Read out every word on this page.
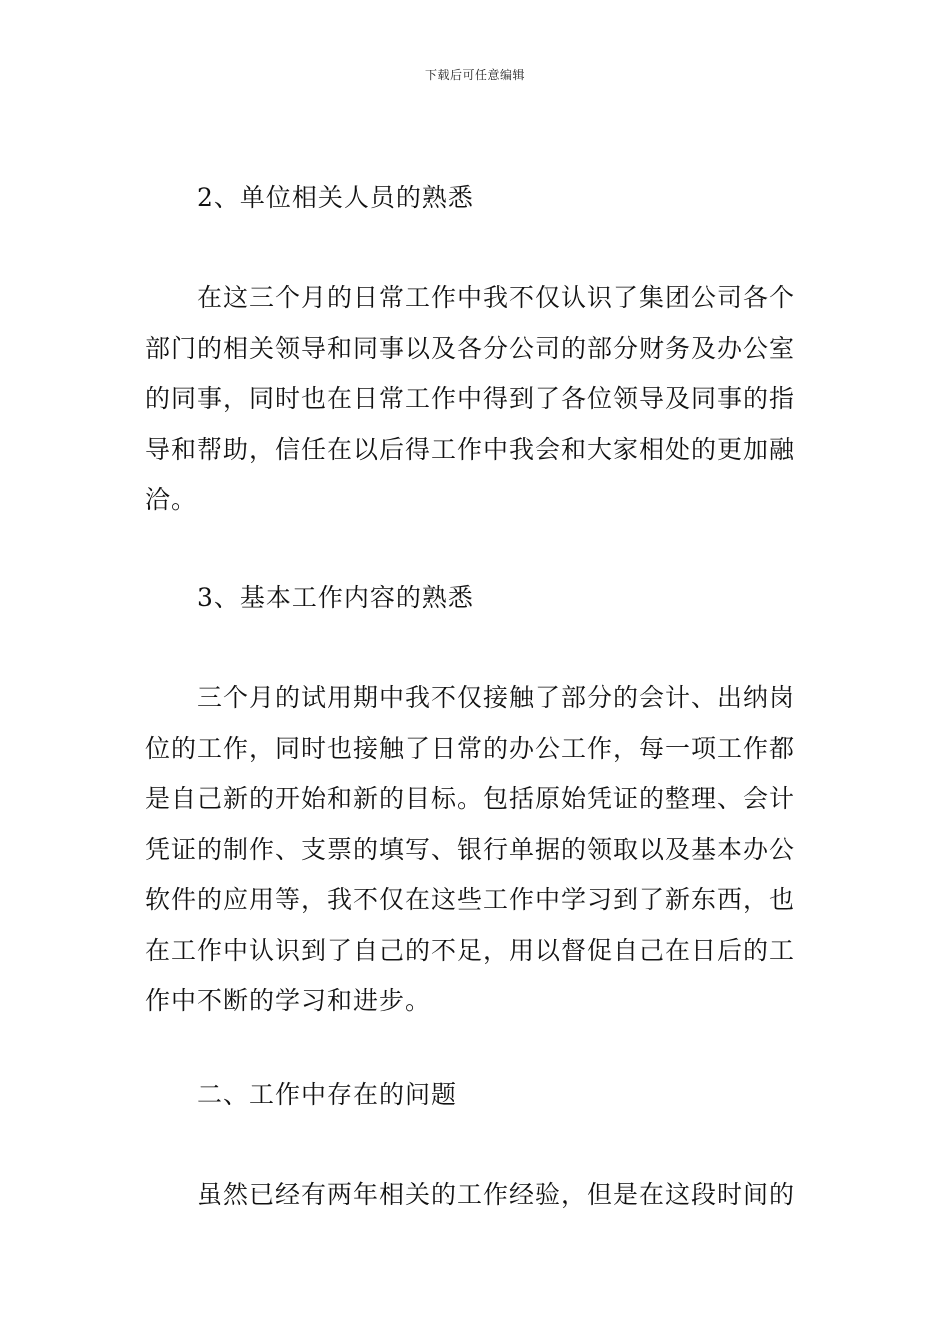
下载后可任意编辑
2、单位相关人员的熟悉
在这三个月的日常工作中我不仅认识了集团公司各个
部门的相关领导和同事以及各分公司的部分财务及办公室
的同事，同时也在日常工作中得到了各位领导及同事的指
导和帮助，信任在以后得工作中我会和大家相处的更加融
洽。
3、基本工作内容的熟悉
三个月的试用期中我不仅接触了部分的会计、出纳岗
位的工作，同时也接触了日常的办公工作，每一项工作都
是自己新的开始和新的目标。包括原始凭证的整理、会计
凭证的制作、支票的填写、银行单据的领取以及基本办公
软件的应用等，我不仅在这些工作中学习到了新东西，也
在工作中认识到了自己的不足，用以督促自己在日后的工
作中不断的学习和进步。
二、工作中存在的问题
虽然已经有两年相关的工作经验，但是在这段时间的
